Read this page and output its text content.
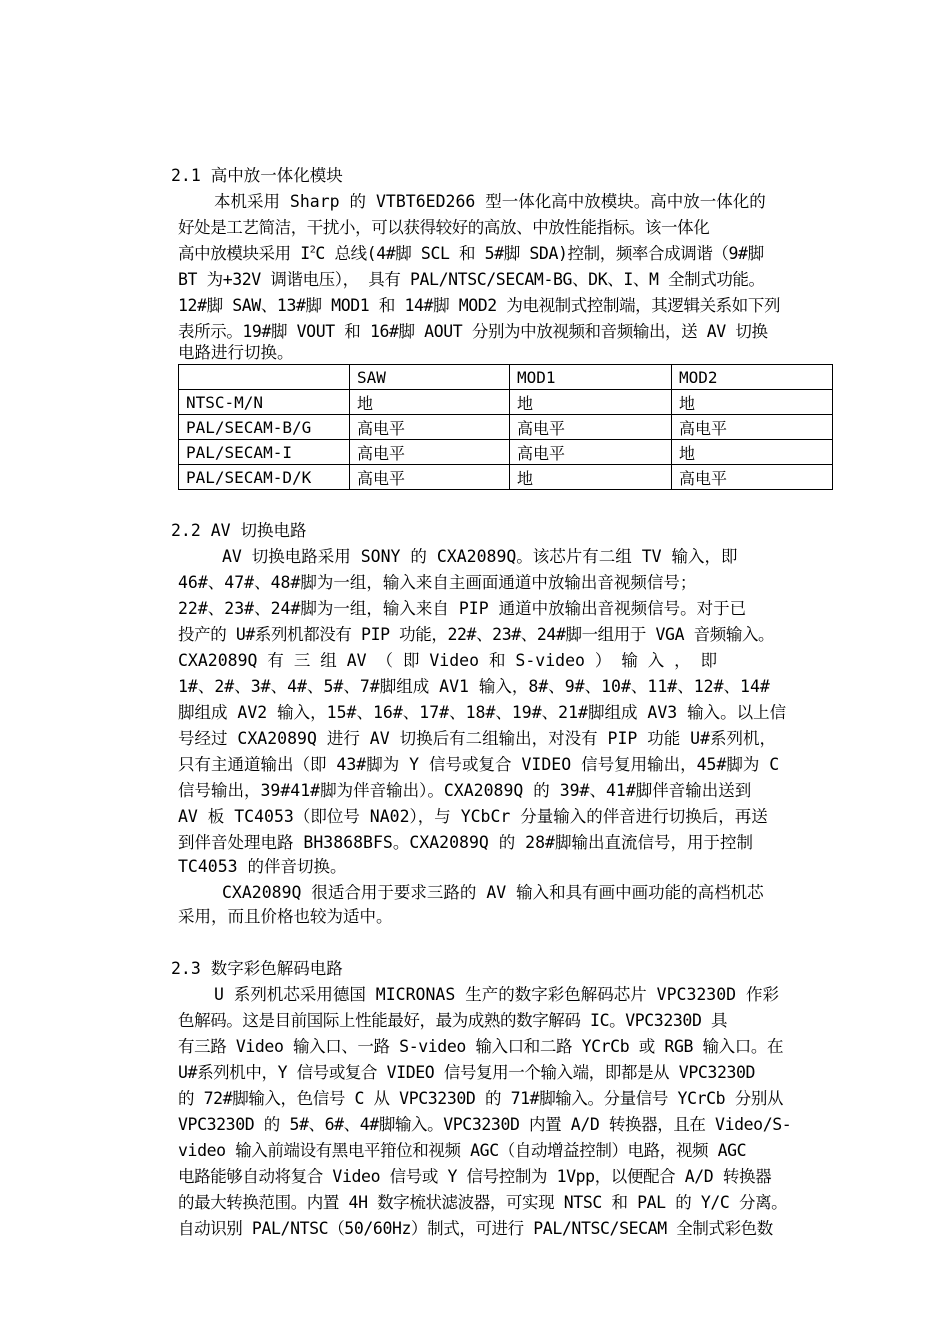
2.1 高中放一体化模块
本机采用 Sharp 的 VTBT6ED266 型一体化高中放模块。高中放一体化的
好处是工艺简洁，干扰小，可以获得较好的高放、中放性能指标。该一体化
高中放模块采用 $I^2C$ 总线(4#脚 SCL 和 5#脚 SDA)控制，频率合成调谐（9#脚
BT 为+32V 调谐电压）， 具有 PAL/NTSC/SECAM-BG、DK、I、M 全制式功能。
12#脚 SAW、13#脚 MOD1 和 14#脚 MOD2 为电视制式控制端，其逻辑关系如下列
表所示。19#脚 VOUT 和 16#脚 AOUT 分别为中放视频和音频输出，送 AV 切换
电路进行切换。
	SAW	MOD1	MOD2
NTSC-M/N	地	地	地
PAL/SECAM-B/G	高电平	高电平	高电平
PAL/SECAM-I	高电平	高电平	地
PAL/SECAM-D/K	高电平	地	高电平
2.2 AV 切换电路
AV 切换电路采用 SONY 的 CXA2089Q。该芯片有二组 TV 输入，即
46#、47#、48#脚为一组，输入来自主画面通道中放输出音视频信号；
22#、23#、24#脚为一组，输入来自 PIP 通道中放输出音视频信号。对于已
投产的 U#系列机都没有 PIP 功能，22#、23#、24#脚一组用于 VGA 音频输入。
CXA2089Q 有 三 组 AV （ 即 Video 和 S-video ） 输 入 ， 即
1#、2#、3#、4#、5#、7#脚组成 AV1 输入，8#、9#、10#、11#、12#、14#
脚组成 AV2 输入，15#、16#、17#、18#、19#、21#脚组成 AV3 输入。以上信
号经过 CXA2089Q 进行 AV 切换后有二组输出，对没有 PIP 功能 U#系列机，
只有主通道输出（即 43#脚为 Y 信号或复合 VIDEO 信号复用输出，45#脚为 C
信号输出，39#41#脚为伴音输出）。CXA2089Q 的 39#、41#脚伴音输出送到
AV 板 TC4053（即位号 NA02），与 YCbCr 分量输入的伴音进行切换后，再送
到伴音处理电路 BH3868BFS。CXA2089Q 的 28#脚输出直流信号，用于控制
TC4053 的伴音切换。
CXA2089Q 很适合用于要求三路的 AV 输入和具有画中画功能的高档机芯
采用，而且价格也较为适中。
2.3 数字彩色解码电路
U 系列机芯采用德国 MICRONAS 生产的数字彩色解码芯片 VPC3230D 作彩
色解码。这是目前国际上性能最好，最为成熟的数字解码 IC。VPC3230D 具
有三路 Video 输入口、一路 S-video 输入口和二路 YCrCb 或 RGB 输入口。在
U#系列机中，Y 信号或复合 VIDEO 信号复用一个输入端，即都是从 VPC3230D
的 72#脚输入，色信号 C 从 VPC3230D 的 71#脚输入。分量信号 YCrCb 分别从
VPC3230D 的 5#、6#、4#脚输入。VPC3230D 内置 A/D 转换器，且在 Video/S-
video 输入前端设有黑电平箝位和视频 AGC（自动增益控制）电路，视频 AGC
电路能够自动将复合 Video 信号或 Y 信号控制为 1Vpp，以便配合 A/D 转换器
的最大转换范围。内置 4H 数字梳状滤波器，可实现 NTSC 和 PAL 的 Y/C 分离。
自动识别 PAL/NTSC（50/60Hz）制式，可进行 PAL/NTSC/SECAM 全制式彩色数
